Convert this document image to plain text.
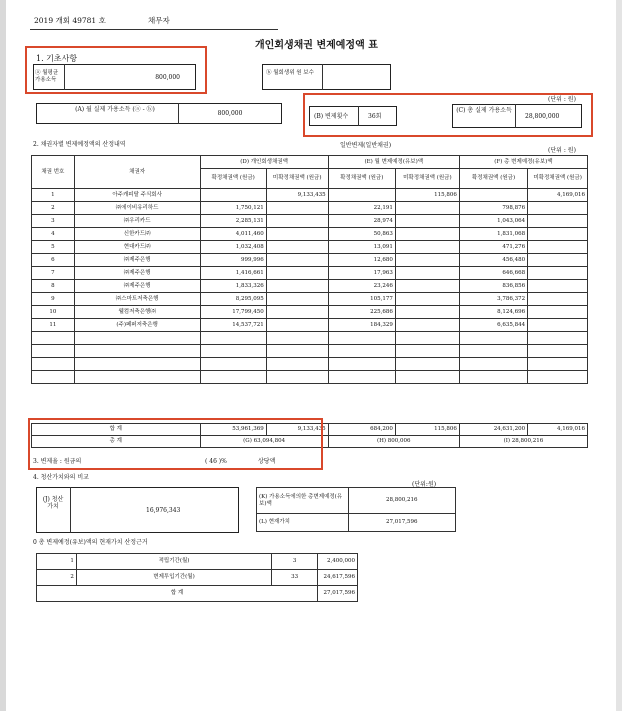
2019 개회 49781 호	채무자
개인회생채권 변제예정액 표
1. 기초사항
ⓐ 월평균 가용소득	800,000
ⓑ 월회생위 원 보수
(A) 월 실제 가용소득 (ⓐ - ⓑ)
800,000
(단위 : 원)
(B) 변제횟수	36회
(C) 총 실제 가용소득
28,800,000
2. 채권자별 변제예정액의 산정내역	일반변제(일반채권)
(단위 : 원)
채권 번호	채권자	(D) 개인회생채권액		(E) 월 변제예정(유보)액		(F) 총 변제예정(유보)액	
		확정채권액 (원금)	미확정채권액 (원금)	확정채권액 (원금)	미확정채권액 (원금)	확정채권액 (원금)	미확정채권액 (원금)
1	아주캐피탈 주식회사		9,133,435		115,806		4,169,016
2	㈜에이비유리하드	1,750,121		22,191		798,876	
3	㈜우리카드	2,285,131		28,974		1,043,064	
4	신한카드㈜	4,011,460		50,863		1,831,068	
5	현대카드㈜	1,032,408		13,091		471,276	
6	㈜제주은행	999,996		12,680		456,480	
7	㈜제주은행	1,416,661		17,963		646,668	
8	㈜제주은행	1,833,326		23,246		836,856	
9	㈜스마트저축은행	8,295,095		105,177		3,786,372	
10	웰컴저축은행㈜	17,799,450		225,686		8,124,696	
11	(주)페퍼저축은행	14,537,721		184,329		6,635,844	

합 계	53,961,369	9,133,435	684,200	115,806	24,631,200	4,169,016
총 계	(G) 63,094,804		(H) 800,006		(I) 28,800,216	
3. 변제율 : 원금의	( 46 )%	상당액
4. 청산가치와의 비교
(단위:원)
(J) 청산 가치
16,976,343
(K) 가용소득에의한 총변제예정(유보)액	28,800,216
(L) 현재가치	27,017,596
0 총 변제예정(유보)액의 현재가치 산정근거
1	적립기간(월)	3	2,400,000
2	변제투입기간(월)	33	24,617,596
합 계			27,017,596
